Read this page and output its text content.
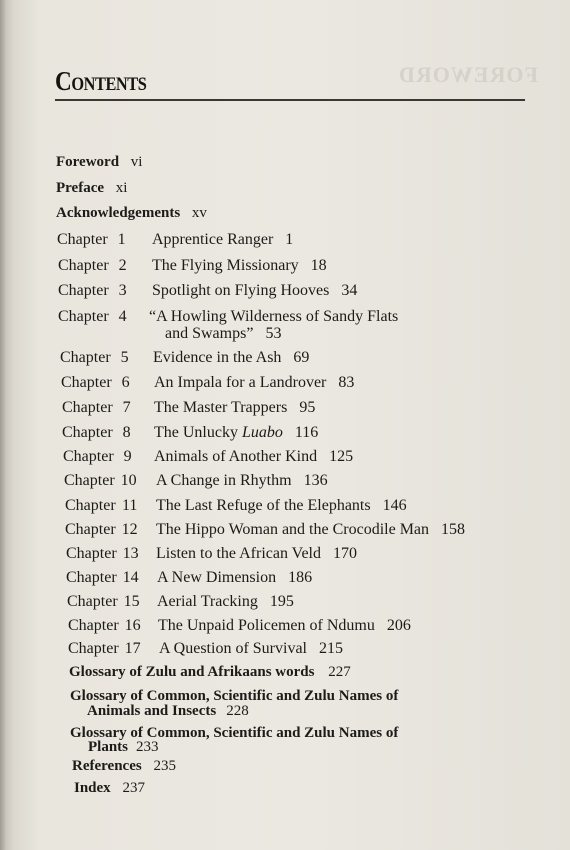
FOREWORD
Contents
Foreword vi
Preface xi
Acknowledgements xv
Chapter 1 Apprentice Ranger 1
Chapter 2 The Flying Missionary 18
Chapter 3 Spotlight on Flying Hooves 34
Chapter 4 “A Howling Wilderness of Sandy Flats
and Swamps” 53
Chapter 5 Evidence in the Ash 69
Chapter 6 An Impala for a Landrover 83
Chapter 7 The Master Trappers 95
Chapter 8 The Unlucky Luabo 116
Chapter 9 Animals of Another Kind 125
Chapter 10 A Change in Rhythm 136
Chapter 11 The Last Refuge of the Elephants 146
Chapter 12 The Hippo Woman and the Crocodile Man 158
Chapter 13 Listen to the African Veld 170
Chapter 14 A New Dimension 186
Chapter 15 Aerial Tracking 195
Chapter 16 The Unpaid Policemen of Ndumu 206
Chapter 17 A Question of Survival 215
Glossary of Zulu and Afrikaans words 227
Glossary of Common, Scientific and Zulu Names of
Animals and Insects 228
Glossary of Common, Scientific and Zulu Names of
Plants 233
References 235
Index 237
